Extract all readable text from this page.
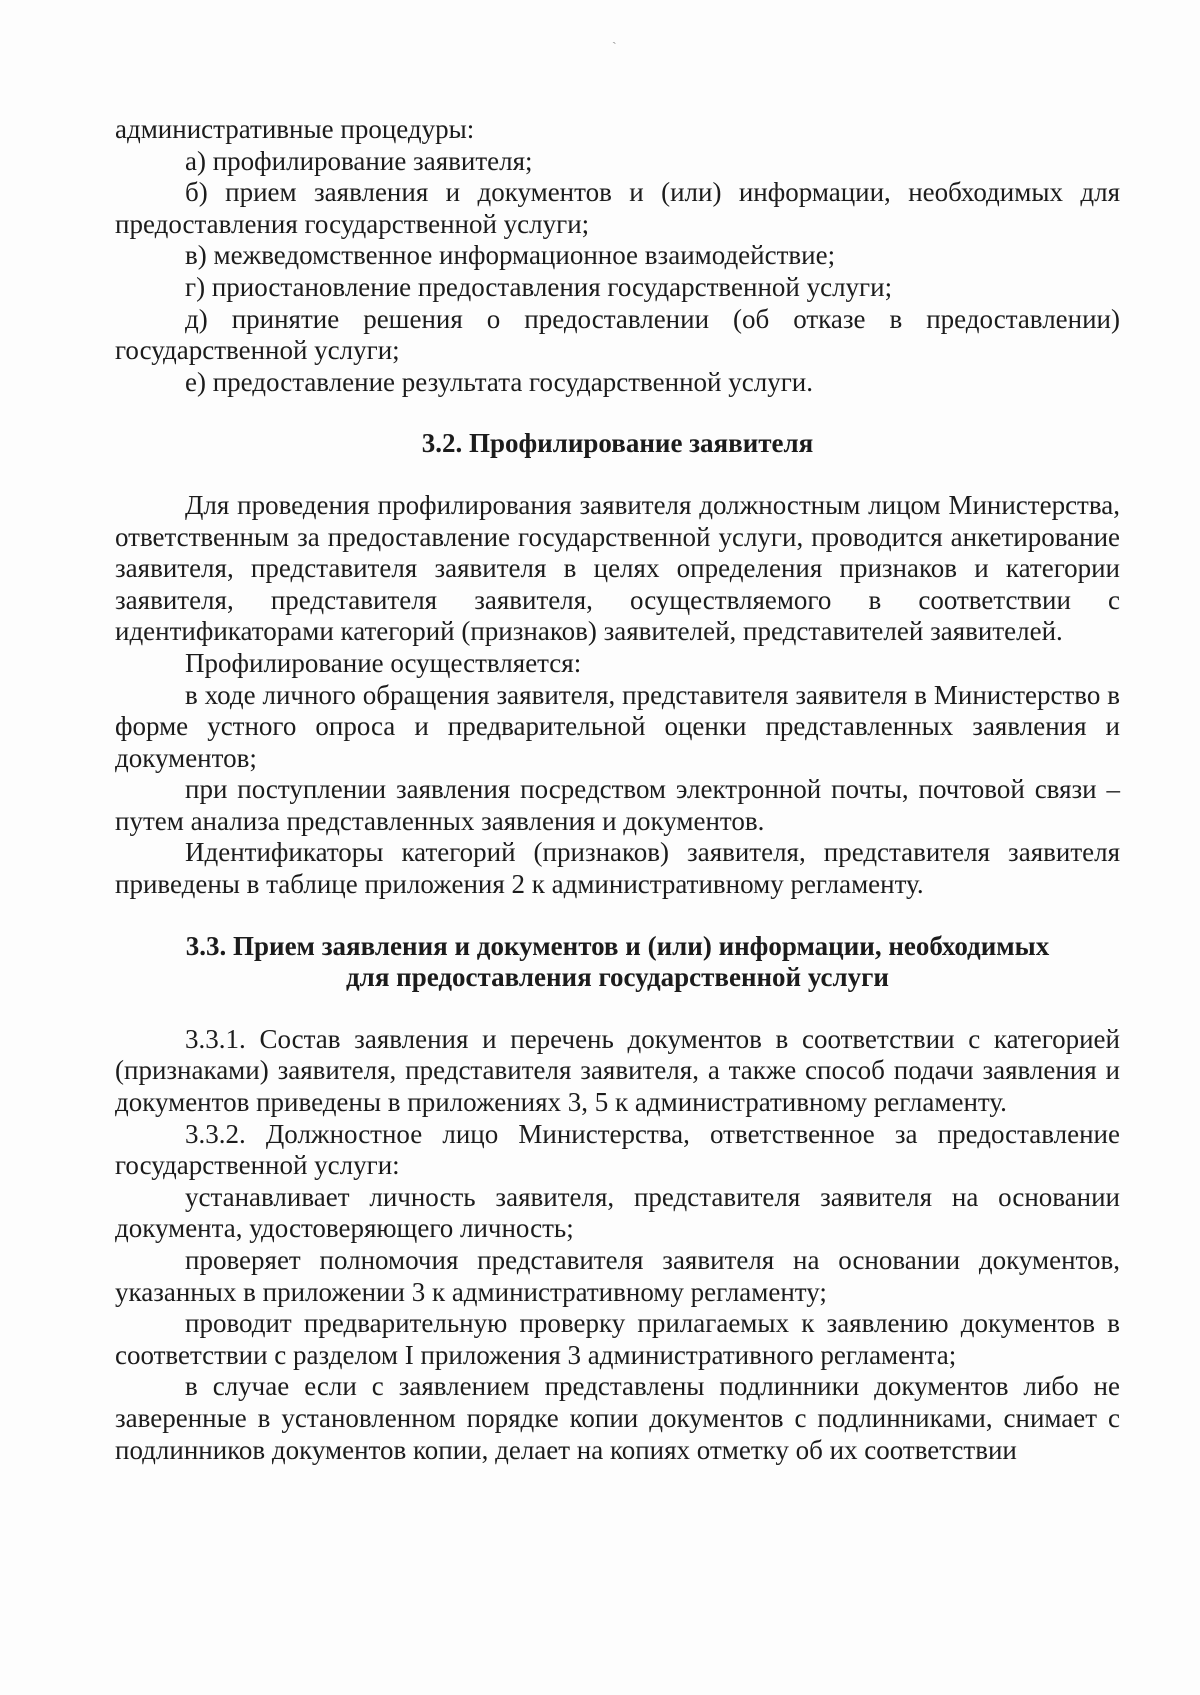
ˎ

административные процедуры:

а) профилирование заявителя;

б) прием заявления и документов и (или) информации, необходимых для предоставления государственной услуги;

в) межведомственное информационное взаимодействие;

г) приостановление предоставления государственной услуги;

д) принятие решения о предоставлении (об отказе в предоставлении) государственной услуги;

е) предоставление результата государственной услуги.

3.2. Профилирование заявителя

Для проведения профилирования заявителя должностным лицом Министерства, ответственным за предоставление государственной услуги, проводится анкетирование заявителя, представителя заявителя в целях определения признаков и категории заявителя, представителя заявителя, осуществляемого в соответствии с идентификаторами категорий (признаков) заявителей, представителей заявителей.

Профилирование осуществляется:

в ходе личного обращения заявителя, представителя заявителя в Министерство в форме устного опроса и предварительной оценки представленных заявления и документов;

при поступлении заявления посредством электронной почты, почтовой связи – путем анализа представленных заявления и документов.

Идентификаторы категорий (признаков) заявителя, представителя заявителя приведены в таблице приложения 2 к административному регламенту.

3.3. Прием заявления и документов и (или) информации, необходимых
для предоставления государственной услуги

3.3.1. Состав заявления и перечень документов в соответствии с категорией (признаками) заявителя, представителя заявителя, а также способ подачи заявления и документов приведены в приложениях 3, 5 к административному регламенту.

3.3.2. Должностное лицо Министерства, ответственное за предоставление государственной услуги:

устанавливает личность заявителя, представителя заявителя на основании документа, удостоверяющего личность;

проверяет полномочия представителя заявителя на основании документов, указанных в приложении 3 к административному регламенту;

проводит предварительную проверку прилагаемых к заявлению документов в соответствии с разделом I приложения 3 административного регламента;

в случае если с заявлением представлены подлинники документов либо не заверенные в установленном порядке копии документов с подлинниками, снимает с подлинников документов копии, делает на копиях отметку об их соответствии
